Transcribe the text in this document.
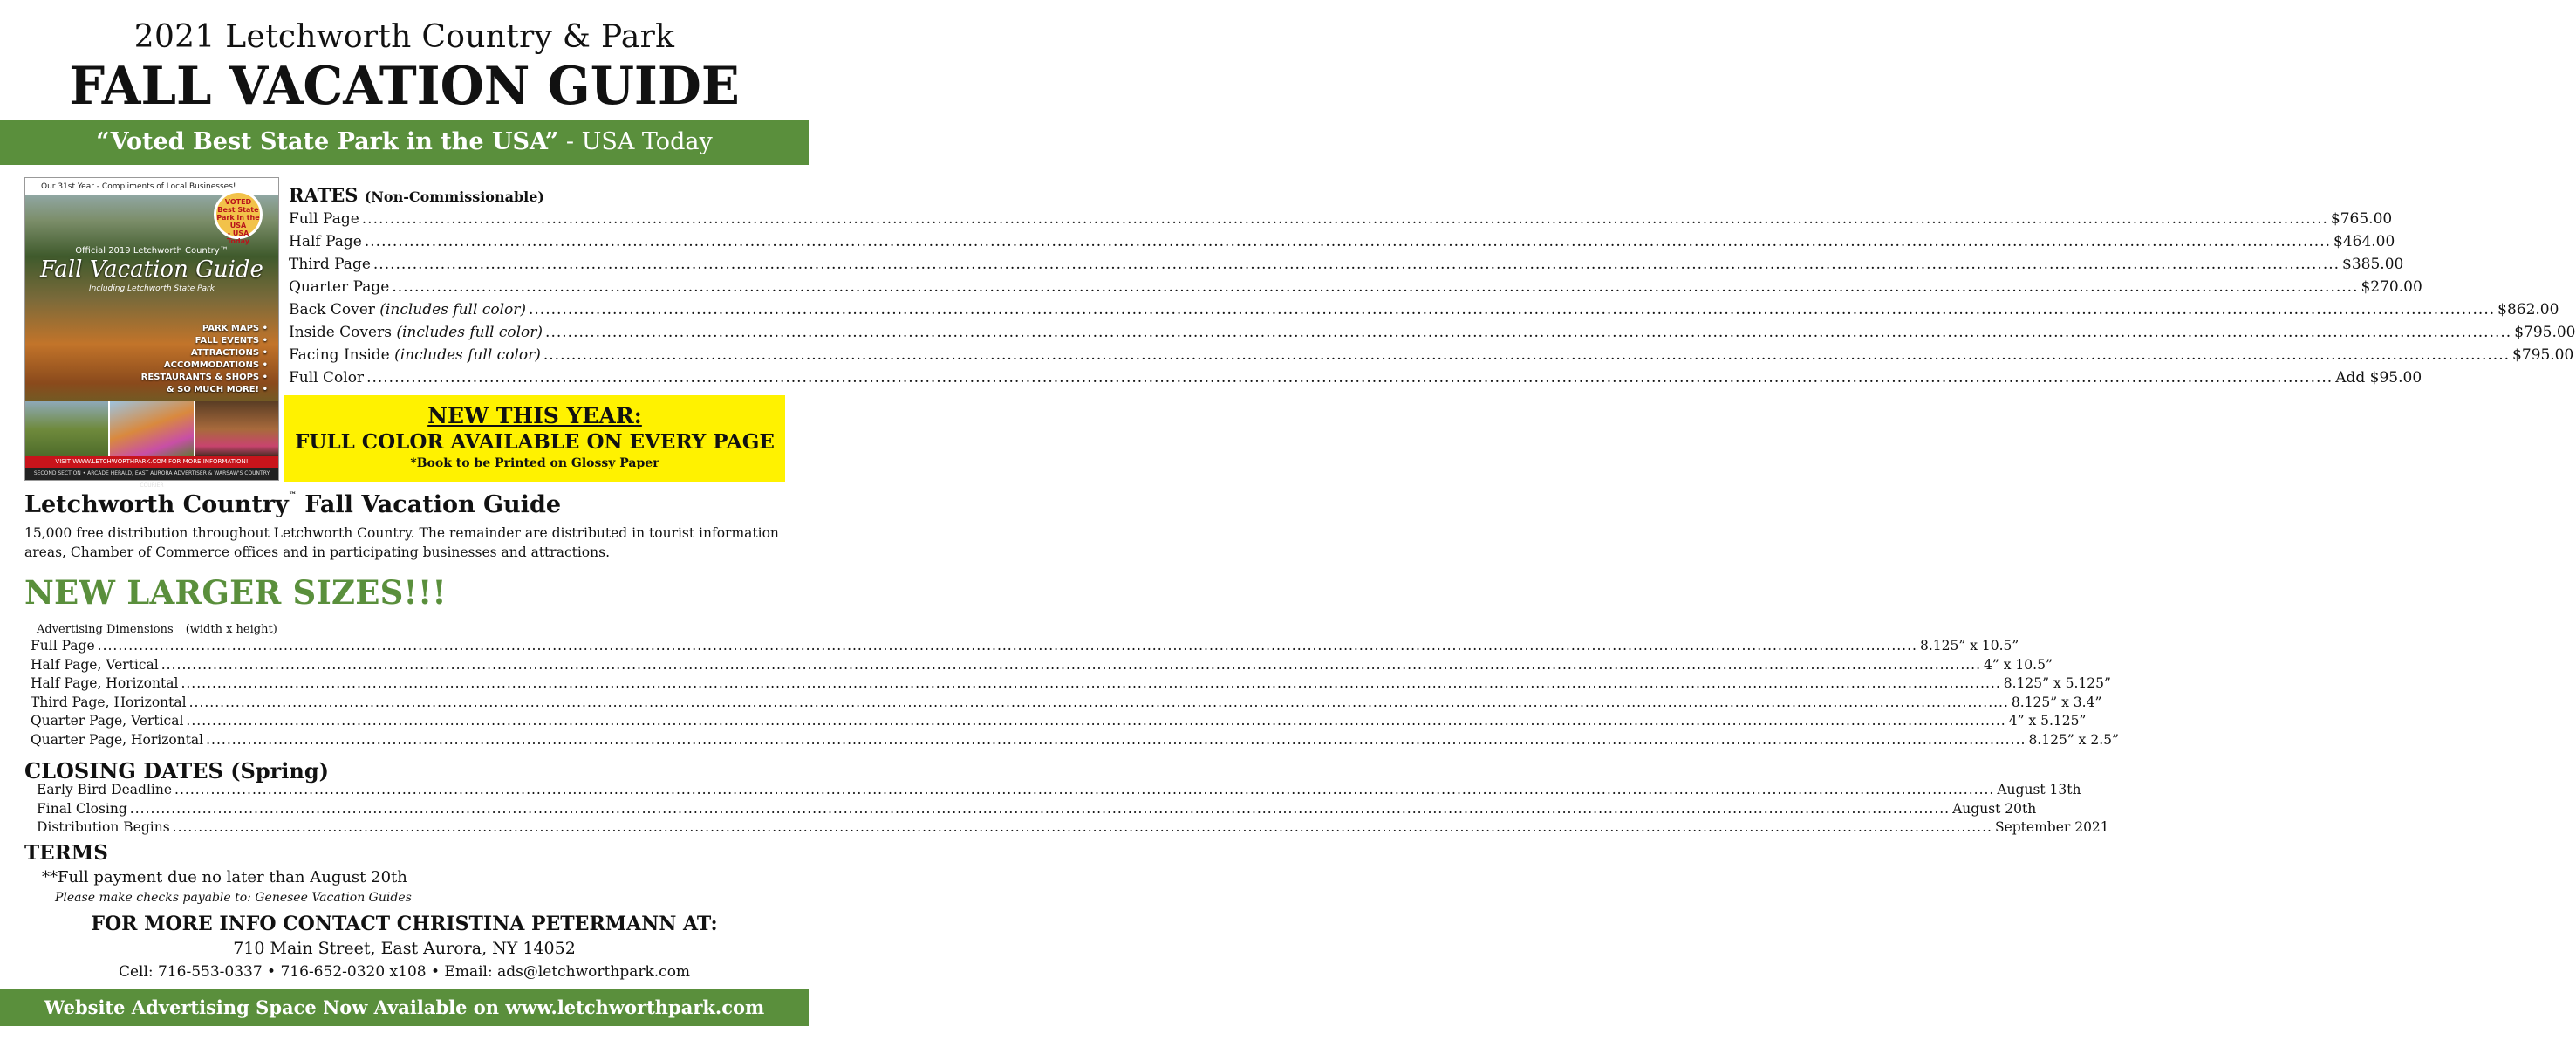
2021 Letchworth Country & Park
FALL VACATION GUIDE
“Voted Best State Park in the USA” - USA Today
Our 31st Year - Compliments of Local Businesses!
VOTED
Best State Park in the USA
- USA Today
Official 2019 Letchworth Country™
Fall Vacation Guide
Including Letchworth State Park
PARK MAPS •
FALL EVENTS •
ATTRACTIONS •
ACCOMMODATIONS •
RESTAURANTS & SHOPS •
& SO MUCH MORE! •
VISIT WWW.LETCHWORTHPARK.COM FOR MORE INFORMATION!
SECOND SECTION • ARCADE HERALD, EAST AURORA ADVERTISER & WARSAW'S COUNTRY COURIER
RATES (Non-Commissionable)
Full Page .....	$765.00
Half Page .....	$464.00
Third Page .....	$385.00
Quarter Page .....	$270.00
Back Cover (includes full color) .....	$862.00
Inside Covers (includes full color) .....	$795.00
Facing Inside (includes full color) .....	$795.00
Full Color .....	Add $95.00
NEW THIS YEAR:
FULL COLOR AVAILABLE ON EVERY PAGE
*Book to be Printed on Glossy Paper
Letchworth Country™ Fall Vacation Guide
15,000 free distribution throughout Letchworth Country. The remainder are distributed in tourist information areas, Chamber of Commerce offices and in participating businesses and attractions.
NEW LARGER SIZES!!!
Advertising Dimensions (width x height)
Full Page .....	8.125” x 10.5”
Half Page, Vertical .....	4” x 10.5”
Half Page, Horizontal .....	8.125” x 5.125”
Third Page, Horizontal .....	8.125” x 3.4”
Quarter Page, Vertical .....	4” x 5.125”
Quarter Page, Horizontal .....	8.125” x 2.5”
CLOSING DATES (Spring)
Early Bird Deadline .....	August 13th
Final Closing .....	August 20th
Distribution Begins .....	September 2021
TERMS
**Full payment due no later than August 20th
Please make checks payable to: Genesee Vacation Guides
FOR MORE INFO CONTACT CHRISTINA PETERMANN AT:
710 Main Street, East Aurora, NY 14052
Cell: 716-553-0337 • 716-652-0320 x108 • Email: ads@letchworthpark.com
Website Advertising Space Now Available on www.letchworthpark.com
